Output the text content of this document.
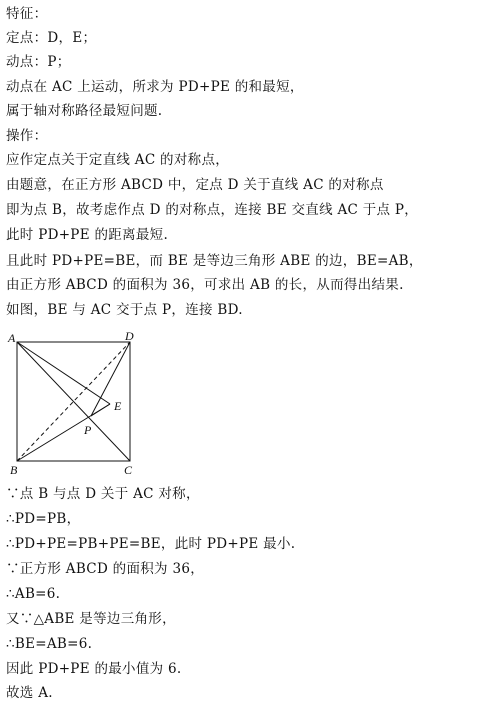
特征：
定点：D，E；
动点：P；
动点在 AC 上运动，所求为 PD+PE 的和最短，
属于轴对称路径最短问题.
操作：
应作定点关于定直线 AC 的对称点，
由题意，在正方形 ABCD 中，定点 D 关于直线 AC 的对称点
即为点 B，故考虑作点 D 的对称点，连接 BE 交直线 AC 于点 P，
此时 PD+PE 的距离最短.
且此时 PD+PE=BE，而 BE 是等边三角形 ABE 的边，BE=AB，
由正方形 ABCD 的面积为 36，可求出 AB 的长，从而得出结果.
如图，BE 与 AC 交于点 P，连接 BD.
A	D
E
P
B	C
∵点 B 与点 D 关于 AC 对称，
∴PD=PB，
∴PD+PE=PB+PE=BE，此时 PD+PE 最小.
∵正方形 ABCD 的面积为 36，
∴AB=6.
又∵△ABE 是等边三角形，
∴BE=AB=6.
因此 PD+PE 的最小值为 6.
故选 A.
